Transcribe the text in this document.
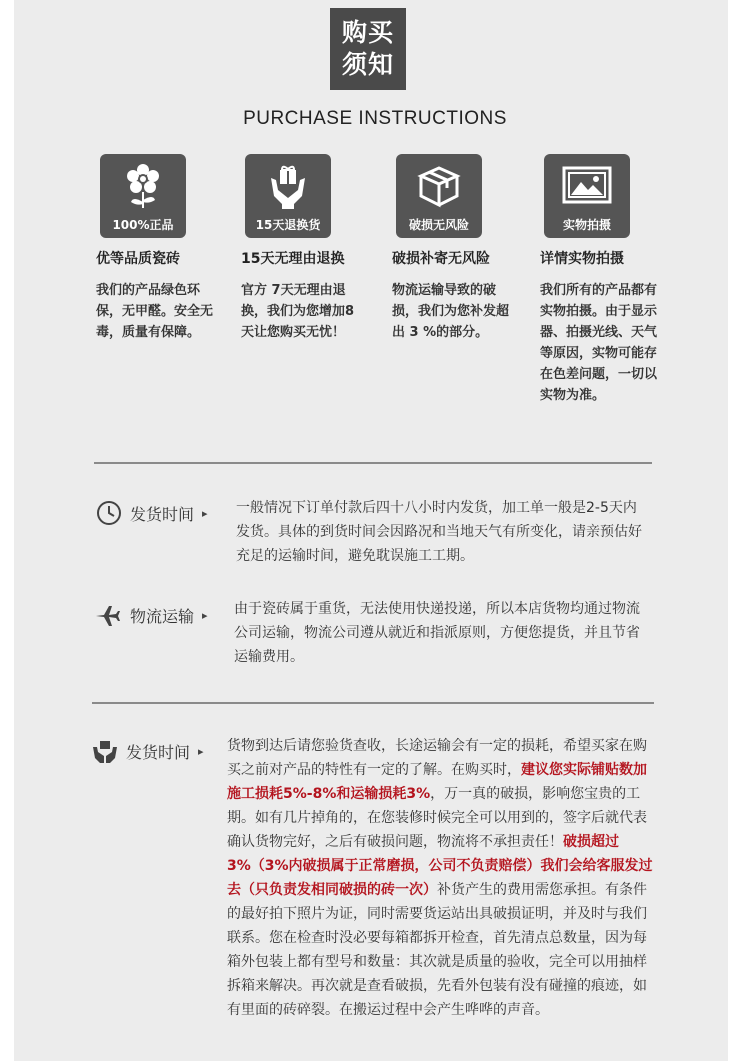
购买
须知
PURCHASE INSTRUCTIONS
100%正品
优等品质瓷砖
我们的产品绿色环保，无甲醛。安全无毒，质量有保障。
15天退换货
15天无理由退换
官方 7天无理由退换，我们为您增加8天让您购买无忧！
破损无风险
破损补寄无风险
物流运输导致的破损，我们为您补发超出 3 %的部分。
实物拍摄
详情实物拍摄
我们所有的产品都有实物拍摄。由于显示器、拍摄光线、天气等原因，实物可能存在色差问题，一切以实物为准。
发货时间 ▸ 一般情况下订单付款后四十八小时内发货，加工单一般是2-5天内发货。具体的到货时间会因路况和当地天气有所变化，请亲预估好充足的运输时间，避免耽误施工工期。
物流运输 ▸ 由于瓷砖属于重货，无法使用快递投递，所以本店货物均通过物流公司运输，物流公司遵从就近和指派原则，方便您提货，并且节省运输费用。
发货时间 ▸ 货物到达后请您验货查收，长途运输会有一定的损耗，希望买家在购买之前对产品的特性有一定的了解。在购买时，建议您实际铺贴数加施工损耗5%-8%和运输损耗3%，万一真的破损，影响您宝贵的工期。如有几片掉角的，在您装修时候完全可以用到的，签字后就代表确认货物完好，之后有破损问题，物流将不承担责任！破损超过3%（3%内破损属于正常磨损，公司不负责赔偿）我们会给客服发过去（只负责发相同破损的砖一次）补货产生的费用需您承担。有条件的最好拍下照片为证，同时需要货运站出具破损证明，并及时与我们联系。您在检查时没必要每箱都拆开检查，首先清点总数量，因为每箱外包装上都有型号和数量：其次就是质量的验收，完全可以用抽样拆箱来解决。再次就是查看破损，先看外包装有没有碰撞的痕迹，如有里面的砖碎裂。在搬运过程中会产生哗哗的声音。
